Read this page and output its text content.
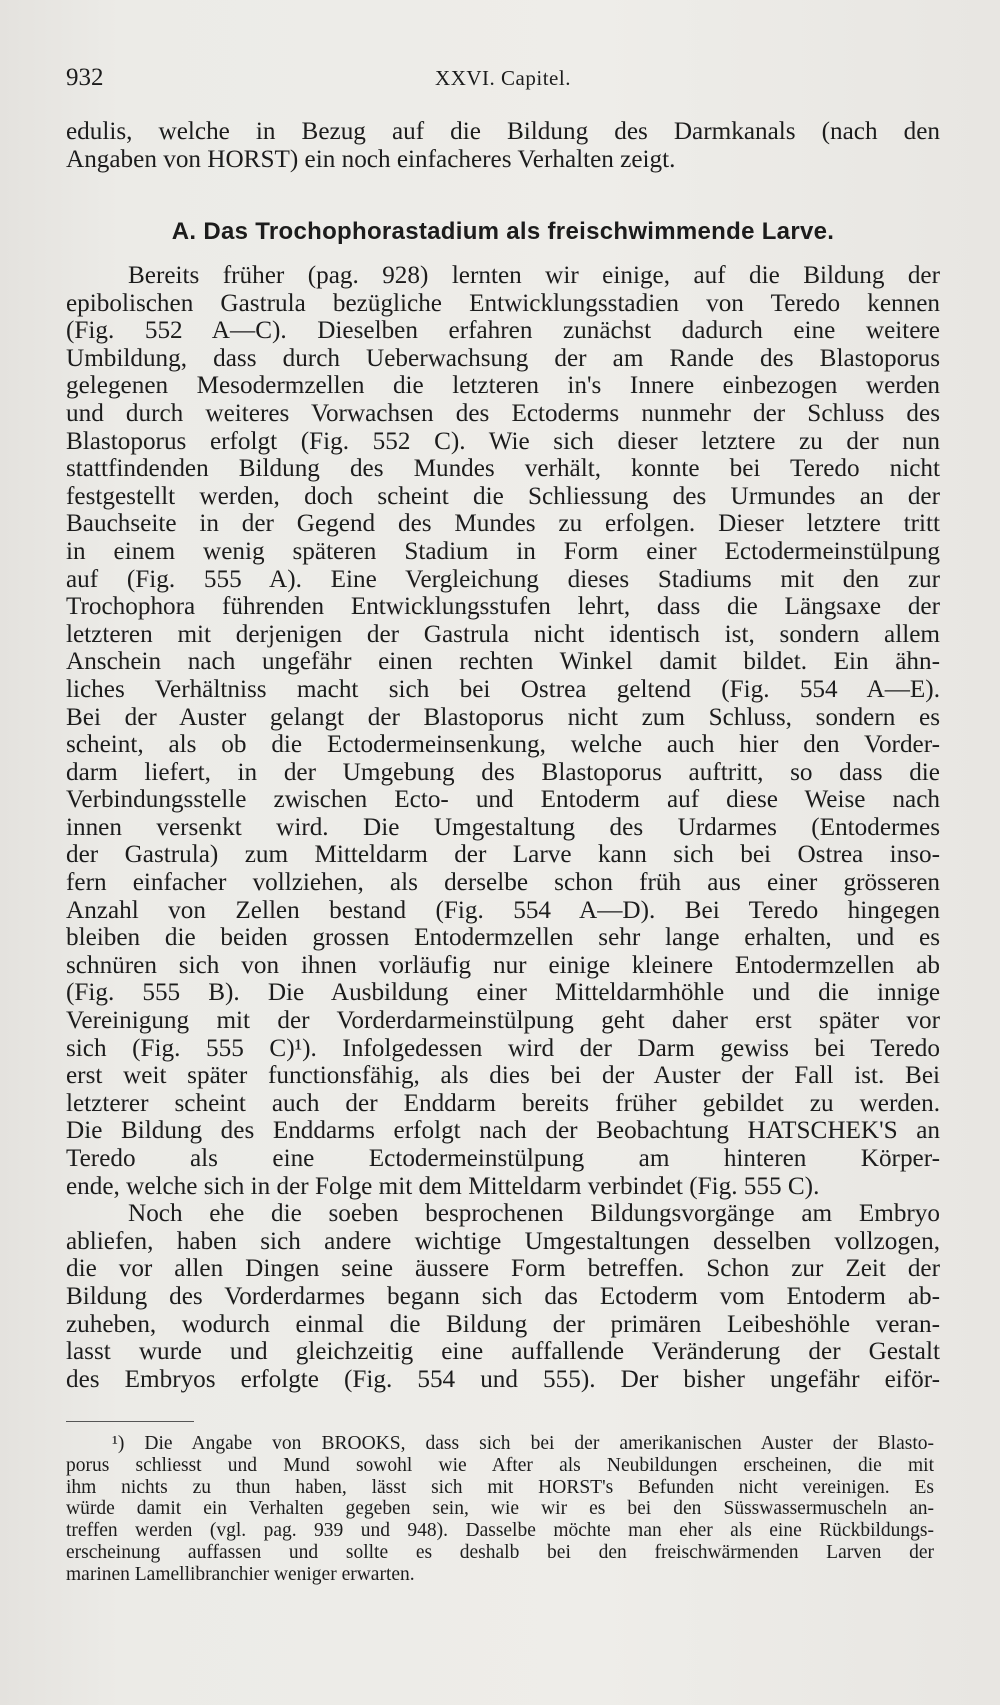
932	XXVI. Capitel.
edulis, welche in Bezug auf die Bildung des Darmkanals (nach den
Angaben von HORST) ein noch einfacheres Verhalten zeigt.
A. Das Trochophorastadium als freischwimmende Larve.
Bereits früher (pag. 928) lernten wir einige, auf die Bildung der
epibolischen Gastrula bezügliche Entwicklungsstadien von Teredo kennen
(Fig. 552 A—C). Dieselben erfahren zunächst dadurch eine weitere
Umbildung, dass durch Ueberwachsung der am Rande des Blastoporus
gelegenen Mesodermzellen die letzteren in's Innere einbezogen werden
und durch weiteres Vorwachsen des Ectoderms nunmehr der Schluss des
Blastoporus erfolgt (Fig. 552 C). Wie sich dieser letztere zu der nun
stattfindenden Bildung des Mundes verhält, konnte bei Teredo nicht
festgestellt werden, doch scheint die Schliessung des Urmundes an der
Bauchseite in der Gegend des Mundes zu erfolgen. Dieser letztere tritt
in einem wenig späteren Stadium in Form einer Ectodermeinstülpung
auf (Fig. 555 A). Eine Vergleichung dieses Stadiums mit den zur
Trochophora führenden Entwicklungsstufen lehrt, dass die Längsaxe der
letzteren mit derjenigen der Gastrula nicht identisch ist, sondern allem
Anschein nach ungefähr einen rechten Winkel damit bildet. Ein ähn-
liches Verhältniss macht sich bei Ostrea geltend (Fig. 554 A—E).
Bei der Auster gelangt der Blastoporus nicht zum Schluss, sondern es
scheint, als ob die Ectodermeinsenkung, welche auch hier den Vorder-
darm liefert, in der Umgebung des Blastoporus auftritt, so dass die
Verbindungsstelle zwischen Ecto- und Entoderm auf diese Weise nach
innen versenkt wird. Die Umgestaltung des Urdarmes (Entodermes
der Gastrula) zum Mitteldarm der Larve kann sich bei Ostrea inso-
fern einfacher vollziehen, als derselbe schon früh aus einer grösseren
Anzahl von Zellen bestand (Fig. 554 A—D). Bei Teredo hingegen
bleiben die beiden grossen Entodermzellen sehr lange erhalten, und es
schnüren sich von ihnen vorläufig nur einige kleinere Entodermzellen ab
(Fig. 555 B). Die Ausbildung einer Mitteldarmhöhle und die innige
Vereinigung mit der Vorderdarmeinstülpung geht daher erst später vor
sich (Fig. 555 C)¹). Infolgedessen wird der Darm gewiss bei Teredo
erst weit später functionsfähig, als dies bei der Auster der Fall ist. Bei
letzterer scheint auch der Enddarm bereits früher gebildet zu werden.
Die Bildung des Enddarms erfolgt nach der Beobachtung HATSCHEK'S an
Teredo als eine Ectodermeinstülpung am hinteren Körper-
ende, welche sich in der Folge mit dem Mitteldarm verbindet (Fig. 555 C).
Noch ehe die soeben besprochenen Bildungsvorgänge am Embryo
abliefen, haben sich andere wichtige Umgestaltungen desselben vollzogen,
die vor allen Dingen seine äussere Form betreffen. Schon zur Zeit der
Bildung des Vorderdarmes begann sich das Ectoderm vom Entoderm ab-
zuheben, wodurch einmal die Bildung der primären Leibeshöhle veran-
lasst wurde und gleichzeitig eine auffallende Veränderung der Gestalt
des Embryos erfolgte (Fig. 554 und 555). Der bisher ungefähr eiför-
¹) Die Angabe von BROOKS, dass sich bei der amerikanischen Auster der Blasto-
porus schliesst und Mund sowohl wie After als Neubildungen erscheinen, die mit
ihm nichts zu thun haben, lässt sich mit HORST's Befunden nicht vereinigen. Es
würde damit ein Verhalten gegeben sein, wie wir es bei den Süsswassermuscheln an-
treffen werden (vgl. pag. 939 und 948). Dasselbe möchte man eher als eine Rückbildungs-
erscheinung auffassen und sollte es deshalb bei den freischwärmenden Larven der
marinen Lamellibranchier weniger erwarten.
